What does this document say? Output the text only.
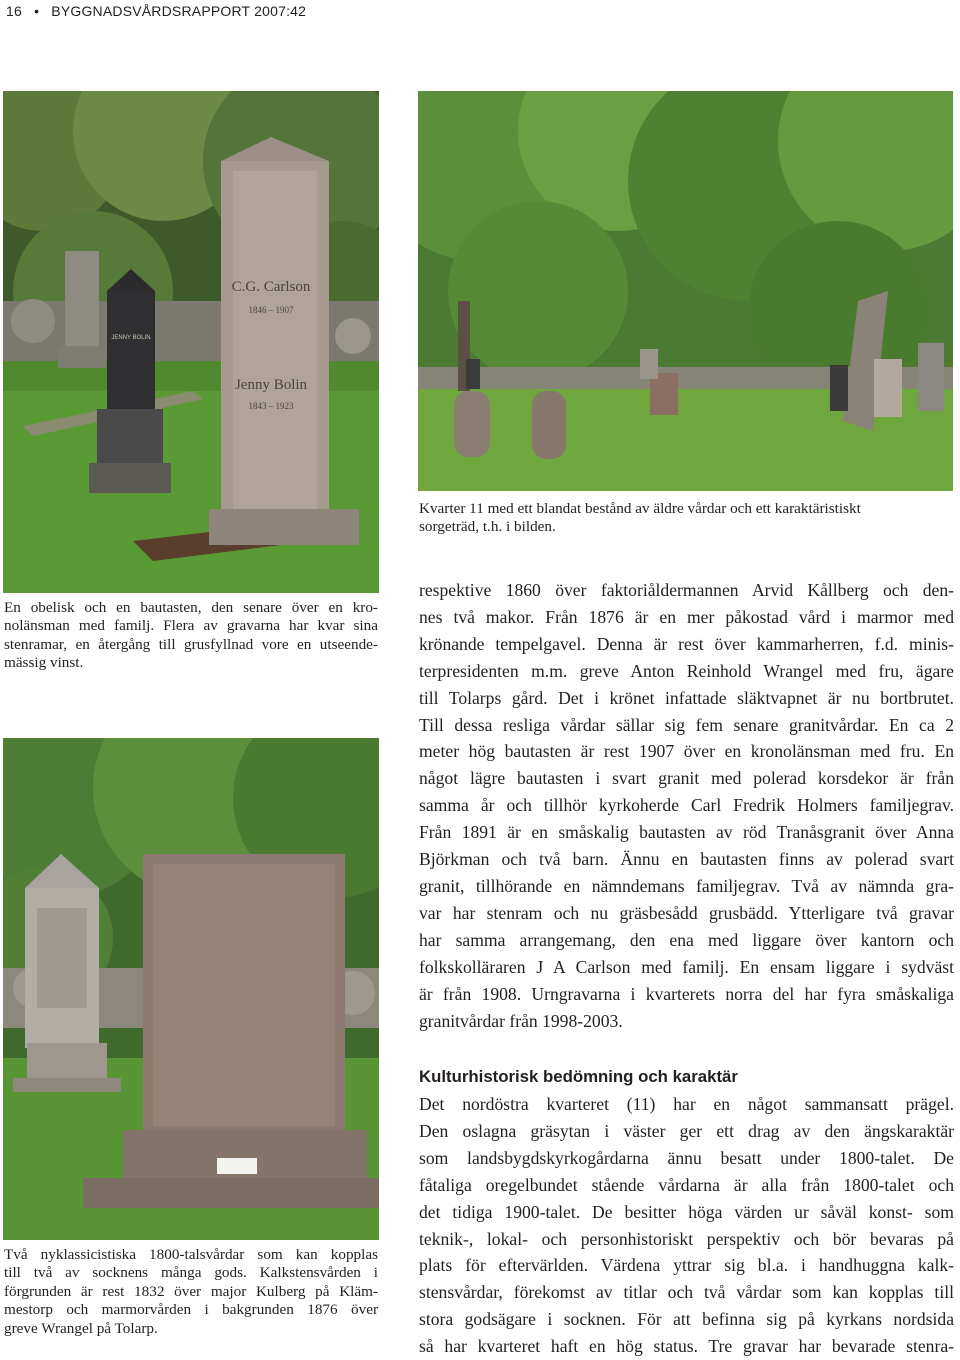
16 • BYGGNADSVÅRDSRAPPORT 2007:42
C.G. Carlson
1846 – 1907
Jenny Bolin
1843 – 1923
JENNY BOLIN
En obelisk och en bautasten, den senare över en kro-
nolänsman med familj. Flera av gravarna har kvar sina
stenramar, en återgång till grusfyllnad vore en utseende-
mässig vinst.
Kvarter 11 med ett blandat bestånd av äldre vårdar och ett karaktäristiskt
sorgeträd, t.h. i bilden.
Två nyklassicistiska 1800-talsvårdar som kan kopplas
till två av socknens många gods. Kalkstensvården i
förgrunden är rest 1832 över major Kulberg på Kläm-
mestorp och marmorvården i bakgrunden 1876 över
greve Wrangel på Tolarp.
respektive 1860 över faktoriåldermannen Arvid Kållberg och den-
nes två makor. Från 1876 är en mer påkostad vård i marmor med
krönande tempelgavel. Denna är rest över kammarherren, f.d. minis-
terpresidenten m.m. greve Anton Reinhold Wrangel med fru, ägare
till Tolarps gård. Det i krönet infattade släktvapnet är nu bortbrutet.
Till dessa resliga vårdar sällar sig fem senare granitvårdar. En ca 2
meter hög bautasten är rest 1907 över en kronolänsman med fru. En
något lägre bautasten i svart granit med polerad korsdekor är från
samma år och tillhör kyrkoherde Carl Fredrik Holmers familjegrav.
Från 1891 är en småskalig bautasten av röd Tranåsgranit över Anna
Björkman och två barn. Ännu en bautasten finns av polerad svart
granit, tillhörande en nämndemans familjegrav. Två av nämnda gra-
var har stenram och nu gräsbesådd grusbädd. Ytterligare två gravar
har samma arrangemang, den ena med liggare över kantorn och
folkskolläraren J A Carlson med familj. En ensam liggare i sydväst
är från 1908. Urngravarna i kvarterets norra del har fyra småskaliga
granitvårdar från 1998-2003.
Kulturhistorisk bedömning och karaktär
Det nordöstra kvarteret (11) har en något sammansatt prägel.
Den oslagna gräsytan i väster ger ett drag av den ängskaraktär
som landsbygdskyrkogårdarna ännu besatt under 1800-talet. De
fåtaliga oregelbundet stående vårdarna är alla från 1800-talet och
det tidiga 1900-talet. De besitter höga värden ur såväl konst- som
teknik-, lokal- och personhistoriskt perspektiv och bör bevaras på
plats för eftervärlden. Värdena yttrar sig bl.a. i handhuggna kalk-
stensvårdar, förekomst av titlar och två vårdar som kan kopplas till
stora godsägare i socknen. För att befinna sig på kyrkans nordsida
så har kvarteret haft en hög status. Tre gravar har bevarade stenra-
